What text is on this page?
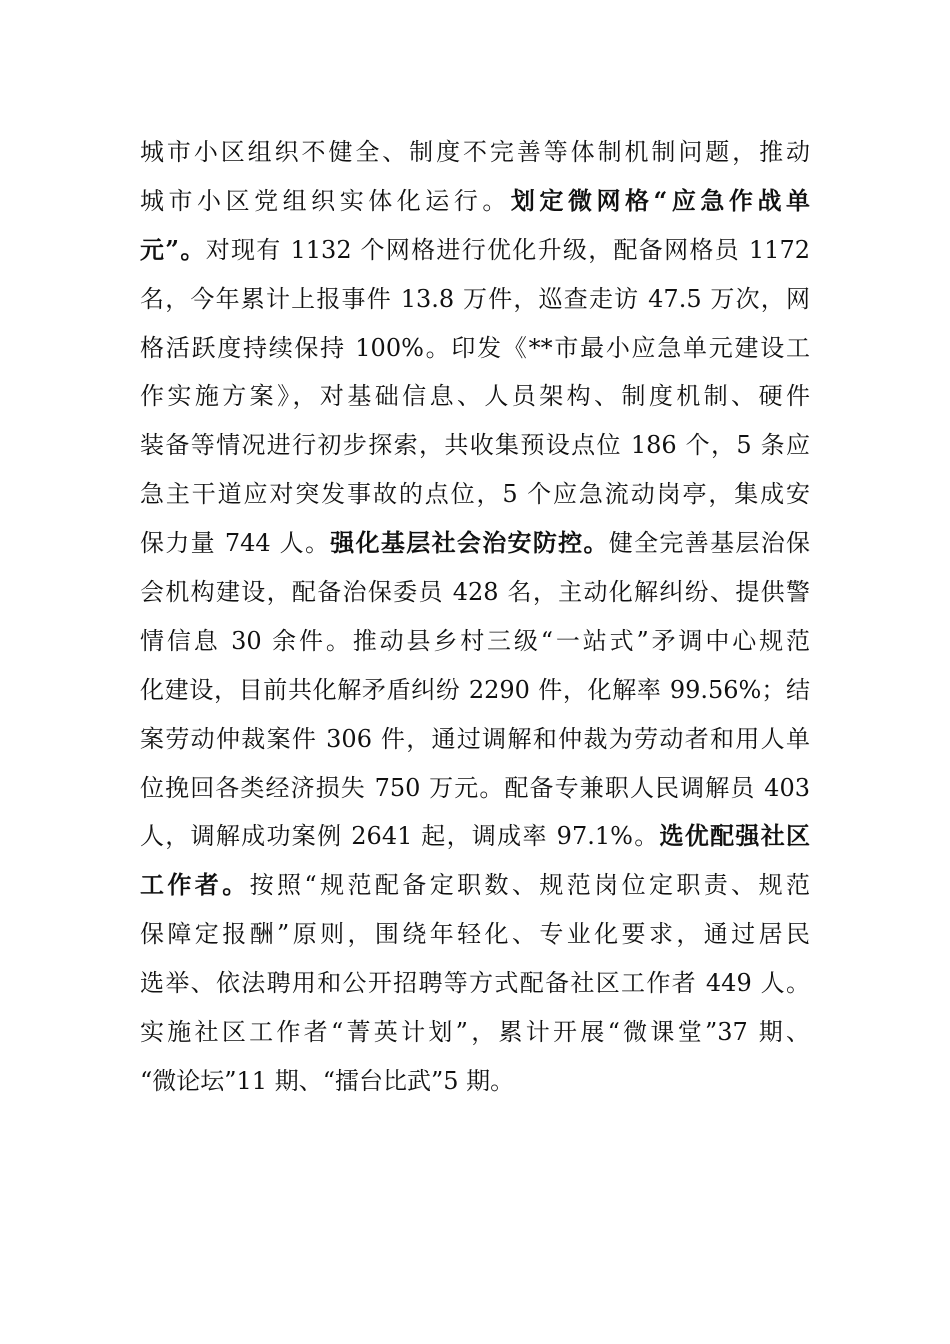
城市小区组织不健全、制度不完善等体制机制问题，推动
城市小区党组织实体化运行。划定微网格“应急作战单
元”。对现有 1132 个网格进行优化升级，配备网格员 1172
名，今年累计上报事件 13.8 万件，巡查走访 47.5 万次，网
格活跃度持续保持 100%。印发《**市最小应急单元建设工
作实施方案》，对基础信息、人员架构、制度机制、硬件
装备等情况进行初步探索，共收集预设点位 186 个，5 条应
急主干道应对突发事故的点位，5 个应急流动岗亭，集成安
保力量 744 人。强化基层社会治安防控。健全完善基层治保
会机构建设，配备治保委员 428 名，主动化解纠纷、提供警
情信息 30 余件。推动县乡村三级“一站式”矛调中心规范
化建设，目前共化解矛盾纠纷 2290 件，化解率 99.56%；结
案劳动仲裁案件 306 件，通过调解和仲裁为劳动者和用人单
位挽回各类经济损失 750 万元。配备专兼职人民调解员 403
人，调解成功案例 2641 起，调成率 97.1%。选优配强社区
工作者。按照“规范配备定职数、规范岗位定职责、规范
保障定报酬”原则，围绕年轻化、专业化要求，通过居民
选举、依法聘用和公开招聘等方式配备社区工作者 449 人。
实施社区工作者“菁英计划”，累计开展“微课堂”37 期、
“微论坛”11 期、“擂台比武”5 期。
